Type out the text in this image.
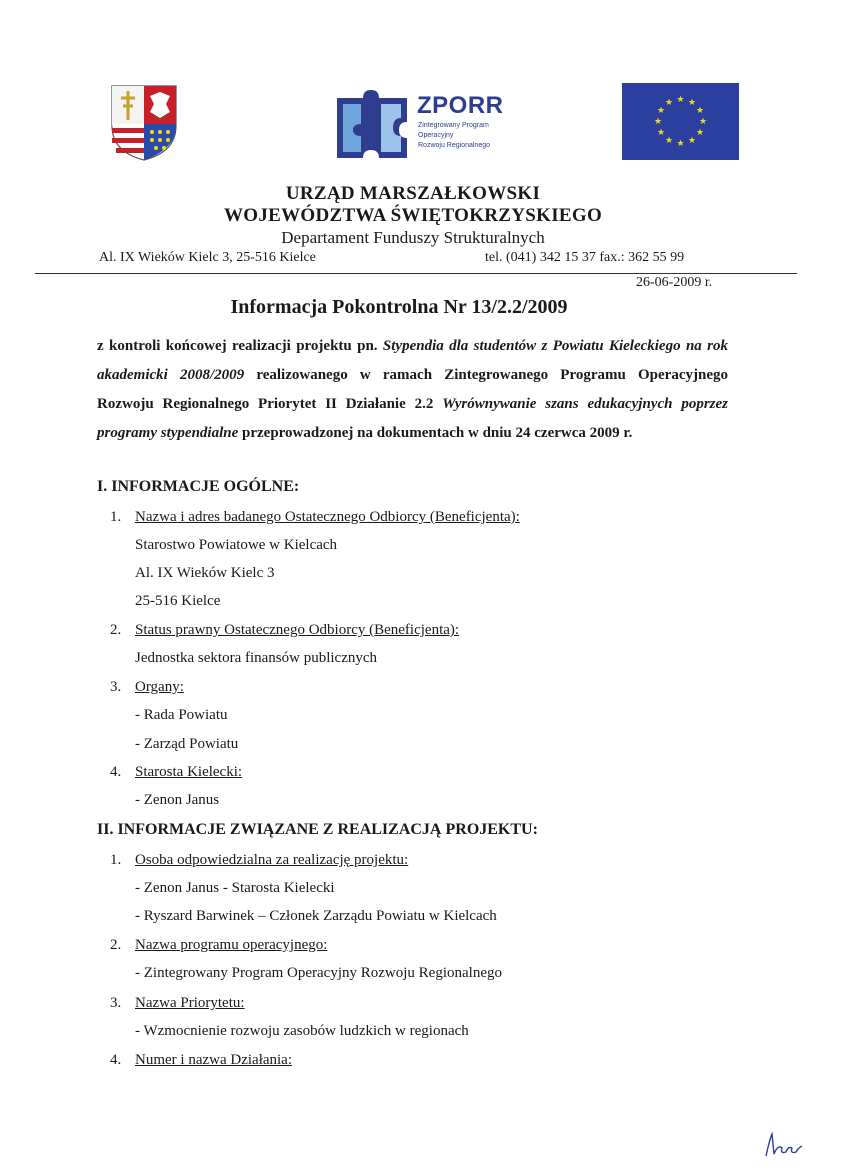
ZPORR
Zintegrowany Program
Operacyjny
Rozwoju Regionalnego
★ ★
★
★
★
★
★
★
★
★
★
★
URZĄD MARSZAŁKOWSKI
WOJEWÓDZTWA ŚWIĘTOKRZYSKIEGO
Departament Funduszy Strukturalnych
Al. IX Wieków Kielc 3, 25-516 Kielce	tel. (041) 342 15 37 fax.: 362 55 99
26-06-2009 r.
Informacja Pokontrolna Nr 13/2.2/2009
z kontroli końcowej realizacji projektu pn. Stypendia dla studentów z Powiatu Kieleckiego na rok akademicki 2008/2009 realizowanego w ramach Zintegrowanego Programu Operacyjnego Rozwoju Regionalnego Priorytet II Działanie 2.2 Wyrównywanie szans edukacyjnych poprzez programy stypendialne przeprowadzonej na dokumentach w dniu 24 czerwca 2009 r.
I. INFORMACJE OGÓLNE:
1. Nazwa i adres badanego Ostatecznego Odbiorcy (Beneficjenta):
Starostwo Powiatowe w Kielcach
Al. IX Wieków Kielc 3
25-516 Kielce
2. Status prawny Ostatecznego Odbiorcy (Beneficjenta):
Jednostka sektora finansów publicznych
3. Organy:
- Rada Powiatu
- Zarząd Powiatu
4. Starosta Kielecki:
- Zenon Janus
II. INFORMACJE ZWIĄZANE Z REALIZACJĄ PROJEKTU:
1. Osoba odpowiedzialna za realizację projektu:
- Zenon Janus - Starosta Kielecki
- Ryszard Barwinek – Członek Zarządu Powiatu w Kielcach
2. Nazwa programu operacyjnego:
- Zintegrowany Program Operacyjny Rozwoju Regionalnego
3. Nazwa Priorytetu:
- Wzmocnienie rozwoju zasobów ludzkich w regionach
4. Numer i nazwa Działania:
